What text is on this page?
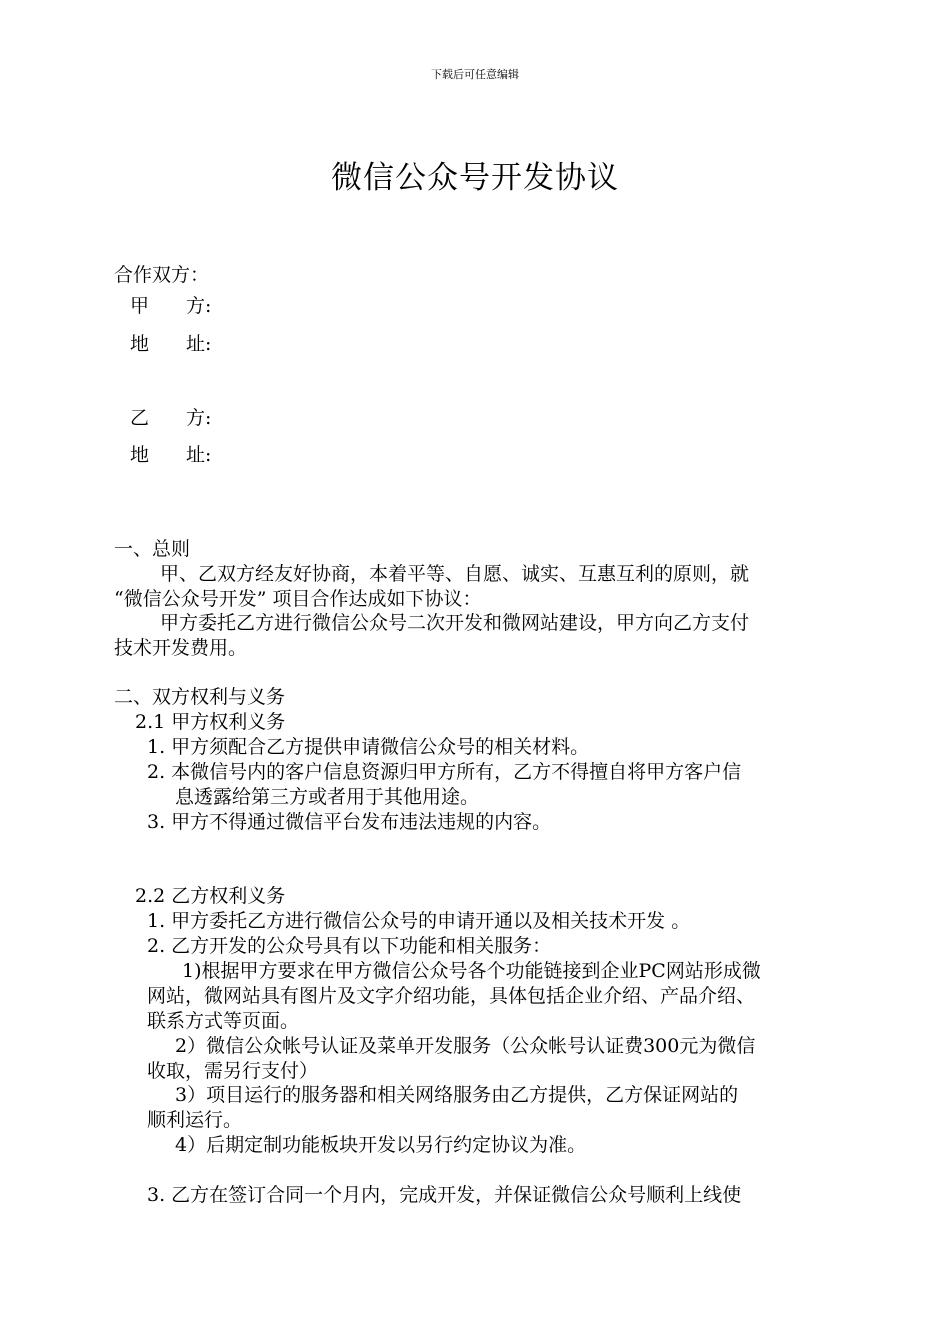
下载后可任意编辑
微信公众号开发协议
合作双方：
甲 方:
地 址:
乙 方:
地 址:
一、总则
甲、乙双方经友好协商，本着平等、自愿、诚实、互惠互利的原则，就
“微信公众号开发” 项目合作达成如下协议：
甲方委托乙方进行微信公众号二次开发和微网站建设，甲方向乙方支付
技术开发费用。
二、双方权利与义务
2.1 甲方权利义务
1. 甲方须配合乙方提供申请微信公众号的相关材料。
2. 本微信号内的客户信息资源归甲方所有，乙方不得擅自将甲方客户信
息透露给第三方或者用于其他用途。
3. 甲方不得通过微信平台发布违法违规的内容。
2.2 乙方权利义务
1. 甲方委托乙方进行微信公众号的申请开通以及相关技术开发 。
2. 乙方开发的公众号具有以下功能和相关服务：
1)根据甲方要求在甲方微信公众号各个功能链接到企业PC网站形成微
网站，微网站具有图片及文字介绍功能，具体包括企业介绍、产品介绍、
联系方式等页面。
2）微信公众帐号认证及菜单开发服务（公众帐号认证费300元为微信
收取，需另行支付）
3）项目运行的服务器和相关网络服务由乙方提供，乙方保证网站的
顺利运行。
4）后期定制功能板块开发以另行约定协议为准。
3. 乙方在签订合同一个月内，完成开发，并保证微信公众号顺利上线使
